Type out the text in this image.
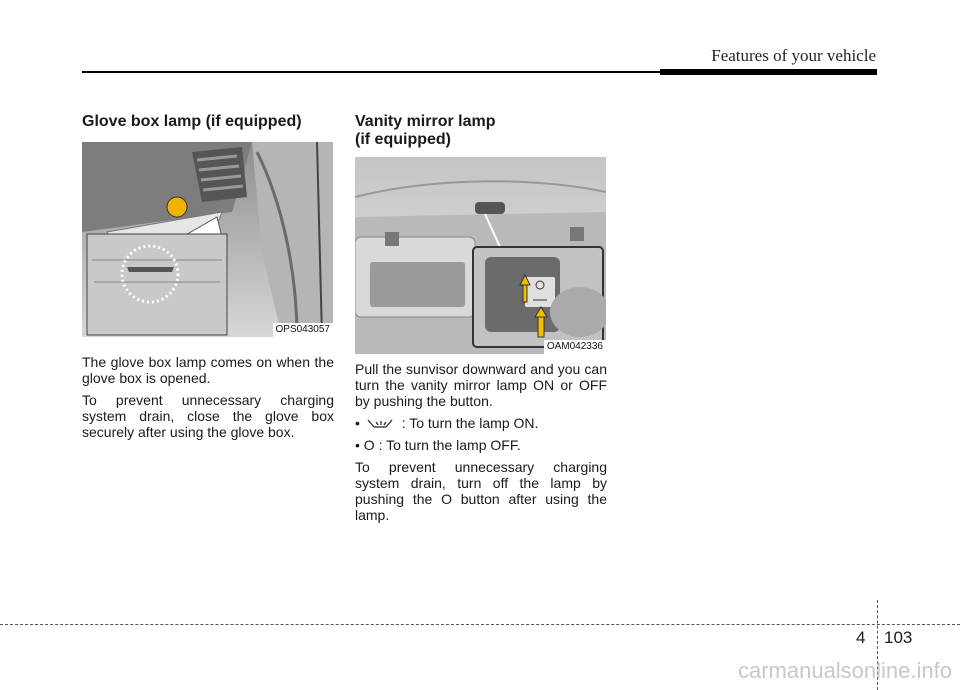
Features of your vehicle
Glove box lamp (if equipped)
OPS043057

The glove box lamp comes on when the glove box is opened.

To prevent unnecessary charging system drain, close the glove box securely after using the glove box.

Vanity mirror lamp
(if equipped)
OAM042336

Pull the sunvisor downward and you can turn the vanity mirror lamp ON or OFF by pushing the button.

•	: To turn the lamp ON.

• O : To turn the lamp OFF.

To prevent unnecessary charging system drain, turn off the lamp by pushing the O button after using the lamp.

4 103
carmanualsonline.info
